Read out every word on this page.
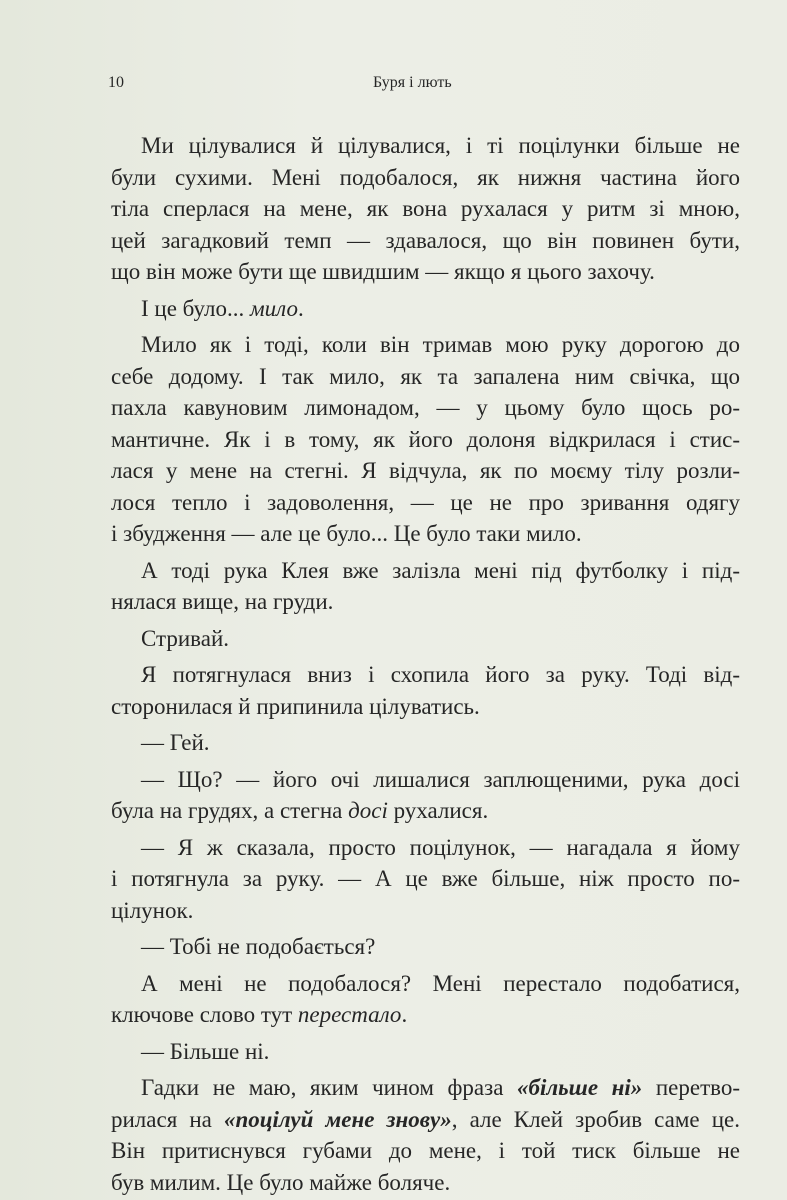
10	Буря і лють
Ми цілувалися й цілувалися, і ті поцілунки більше не
були сухими. Мені подобалося, як нижня частина його
тіла сперлася на мене, як вона рухалася у ритм зі мною,
цей загадковий темп — здавалося, що він повинен бути,
що він може бути ще швидшим — якщо я цього захочу.
І це було... мило.
Мило як і тоді, коли він тримав мою руку дорогою до
себе додому. І так мило, як та запалена ним свічка, що
пахла кавуновим лимонадом, — у цьому було щось ро-
мантичне. Як і в тому, як його долоня відкрилася і стис-
лася у мене на стегні. Я відчула, як по моєму тілу розли-
лося тепло і задоволення, — це не про зривання одягу
і збудження — але це було... Це було таки мило.
А тоді рука Клея вже залізла мені під футболку і під-
нялася вище, на груди.
Стривай.
Я потягнулася вниз і схопила його за руку. Тоді від-
сторонилася й припинила цілуватись.
— Гей.
— Що? — його очі лишалися заплющеними, рука досі
була на грудях, а стегна досі рухалися.
— Я ж сказала, просто поцілунок, — нагадала я йому
і потягнула за руку. — А це вже більше, ніж просто по-
цілунок.
— Тобі не подобається?
А мені не подобалося? Мені перестало подобатися,
ключове слово тут перестало.
— Більше ні.
Гадки не маю, яким чином фраза «більше ні» перетво-
рилася на «поцілуй мене знову», але Клей зробив саме це.
Він притиснувся губами до мене, і той тиск більше не
був милим. Це було майже боляче.
